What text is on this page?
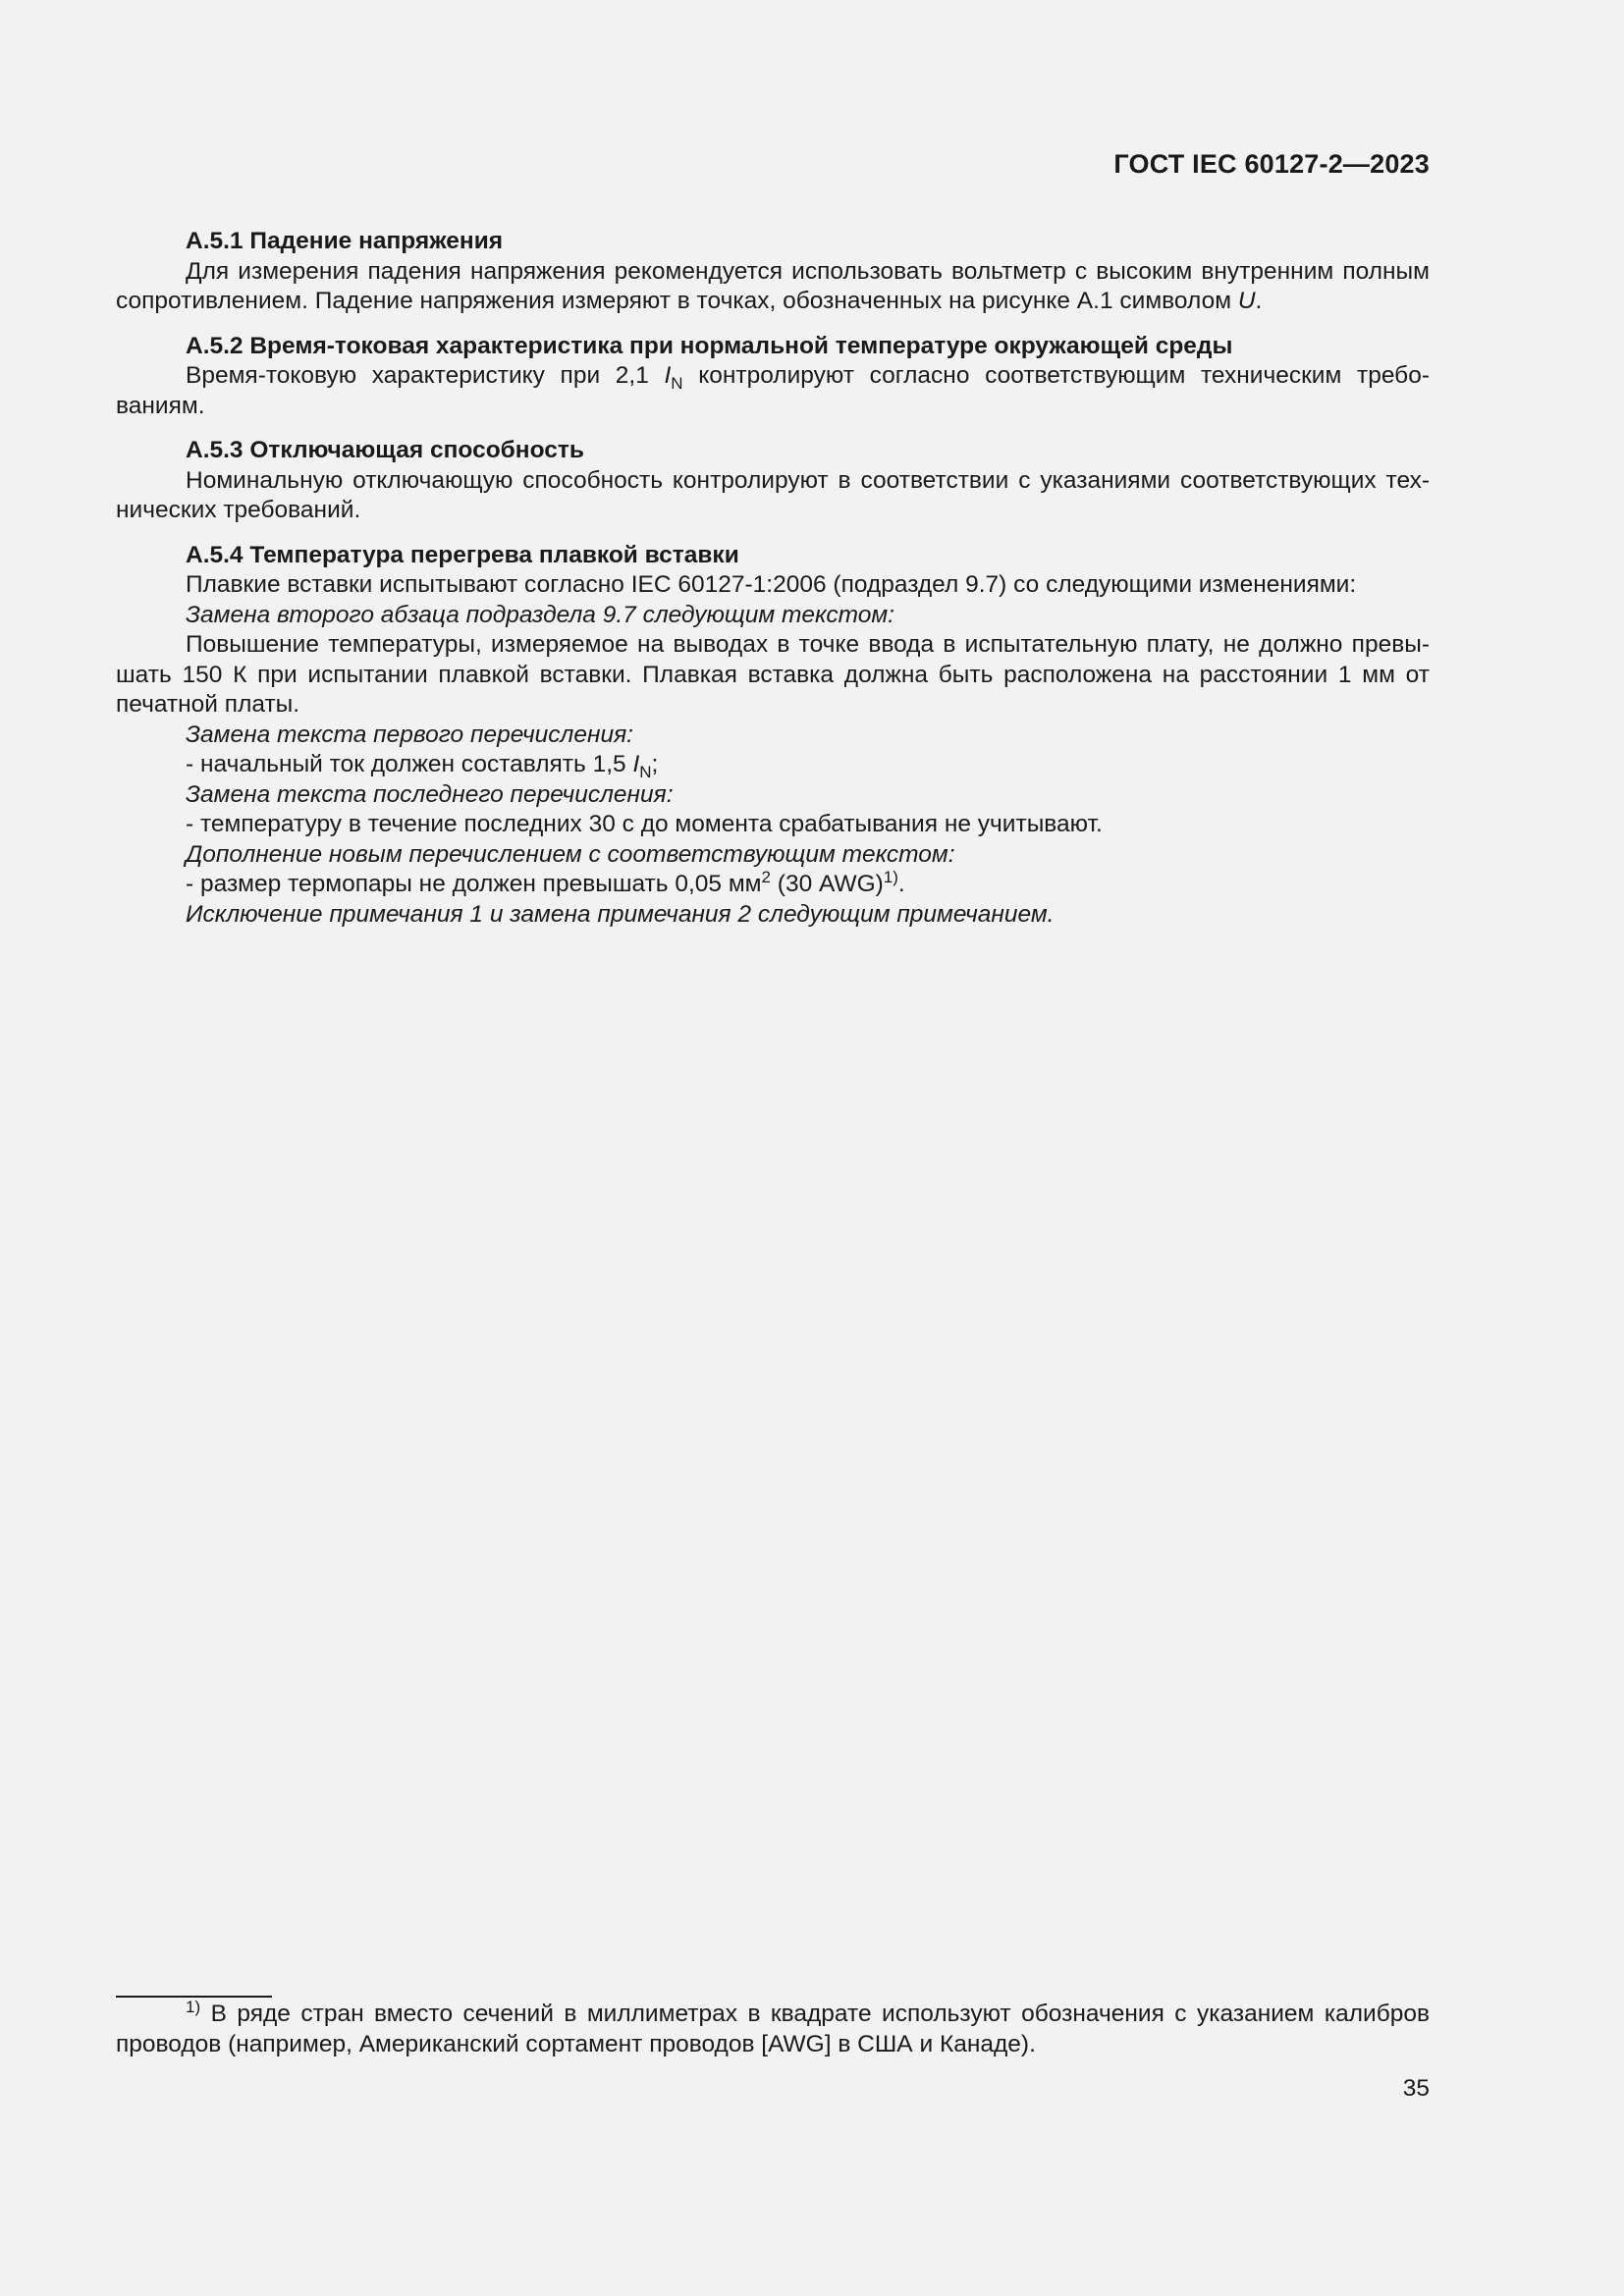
ГОСТ IEC 60127-2—2023
A.5.1 Падение напряжения
Для измерения падения напряжения рекомендуется использовать вольтметр с высоким внутренним полным сопротивлением. Падение напряжения измеряют в точках, обозначенных на рисунке А.1 символом U.
А.5.2 Время-токовая характеристика при нормальной температуре окружающей среды
Время-токовую характеристику при 2,1 $I_N$ контролируют согласно соответствующим техническим требованиям.
А.5.3 Отключающая способность
Номинальную отключающую способность контролируют в соответствии с указаниями соответствующих технических требований.
А.5.4 Температура перегрева плавкой вставки
Плавкие вставки испытывают согласно IEC 60127-1:2006 (подраздел 9.7) со следующими изменениями:
Замена второго абзаца подраздела 9.7 следующим текстом:
Повышение температуры, измеряемое на выводах в точке ввода в испытательную плату, не должно превышать 150 К при испытании плавкой вставки. Плавкая вставка должна быть расположена на расстоянии 1 мм от печатной платы.
Замена текста первого перечисления:
- начальный ток должен составлять 1,5 $I_N$;
Замена текста последнего перечисления:
- температуру в течение последних 30 с до момента срабатывания не учитывают.
Дополнение новым перечислением с соответствующим текстом:
- размер термопары не должен превышать 0,05 $мм^2$ (30 AWG)$^{1)}$.
Исключение примечания 1 и замена примечания 2 следующим примечанием.
$^{1)}$ В ряде стран вместо сечений в миллиметрах в квадрате используют обозначения с указанием калибров проводов (например, Американский сортамент проводов [AWG] в США и Канаде).
35
